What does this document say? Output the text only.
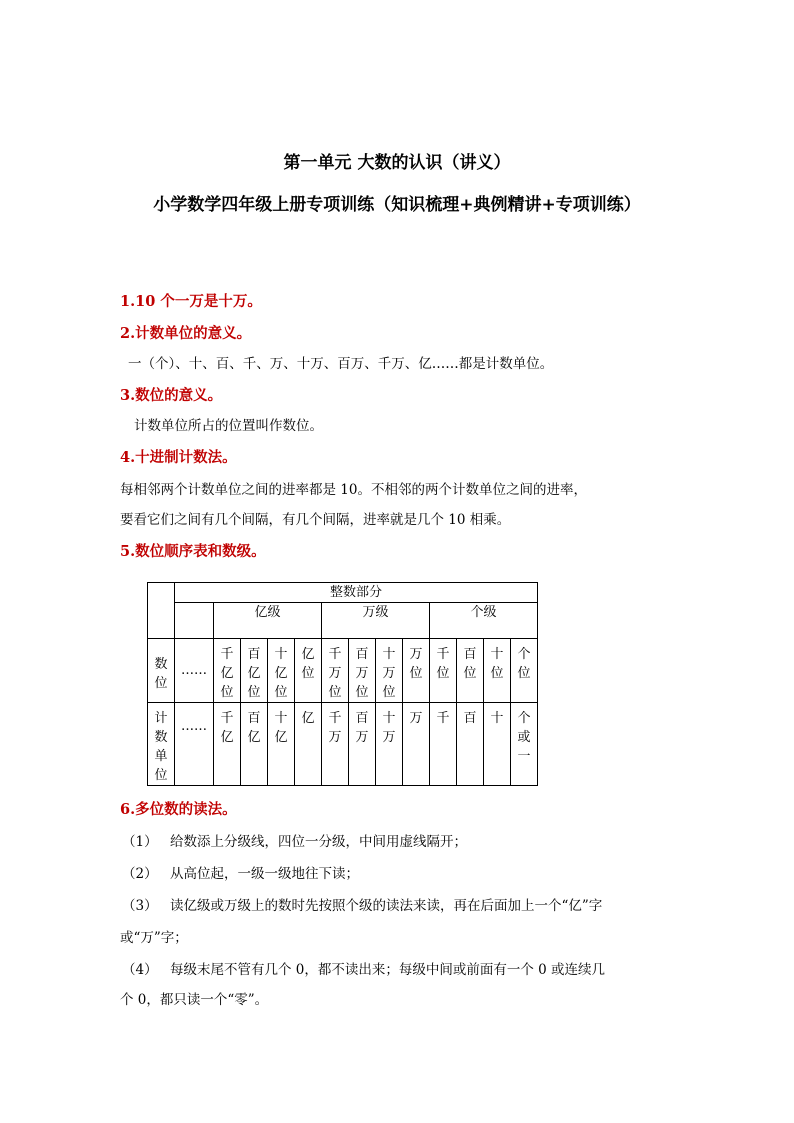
第一单元 大数的认识（讲义）
小学数学四年级上册专项训练（知识梳理+典例精讲+专项训练）
1.10 个一万是十万。
2.计数单位的意义。
一（个）、十、百、千、万、十万、百万、千万、亿……都是计数单位。
3.数位的意义。
计数单位所占的位置叫作数位。
4.十进制计数法。
每相邻两个计数单位之间的进率都是 10。不相邻的两个计数单位之间的进率，
要看它们之间有几个间隔，有几个间隔，进率就是几个 10 相乘。
5.数位顺序表和数级。
	整数部分												
		亿级				万级				个级			
数位	……	千亿位	百亿位	十亿位	亿位	千万位	百万位	十万位	万位	千位	百位	十位	个位
计数单位	……	千亿	百亿	十亿	亿	千万	百万	十万	万	千	百	十	个或一
6.多位数的读法。
（1） 给数添上分级线，四位一分级，中间用虚线隔开；
（2） 从高位起，一级一级地往下读；
（3） 读亿级或万级上的数时先按照个级的读法来读，再在后面加上一个“亿”字
或“万”字；
（4） 每级末尾不管有几个 0，都不读出来；每级中间或前面有一个 0 或连续几
个 0，都只读一个“零”。
